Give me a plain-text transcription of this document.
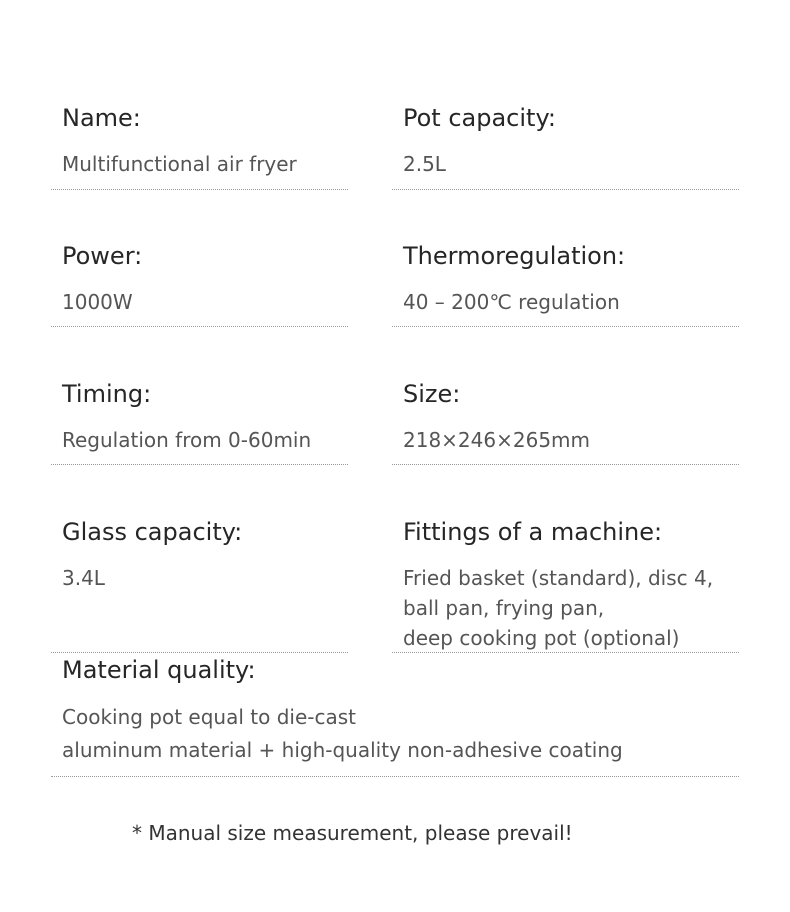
Name:
Multifunctional air fryer
Pot capacity:
2.5L
Power:
1000W
Thermoregulation:
40 – 200℃ regulation
Timing:
Regulation from 0-60min
Size:
218×246×265mm
Glass capacity:
3.4L
Fittings of a machine:
Fried basket (standard), disc 4,
ball pan, frying pan,
deep cooking pot (optional)
Material quality:
Cooking pot equal to die-cast
aluminum material + high-quality non-adhesive coating
* Manual size measurement, please prevail!
